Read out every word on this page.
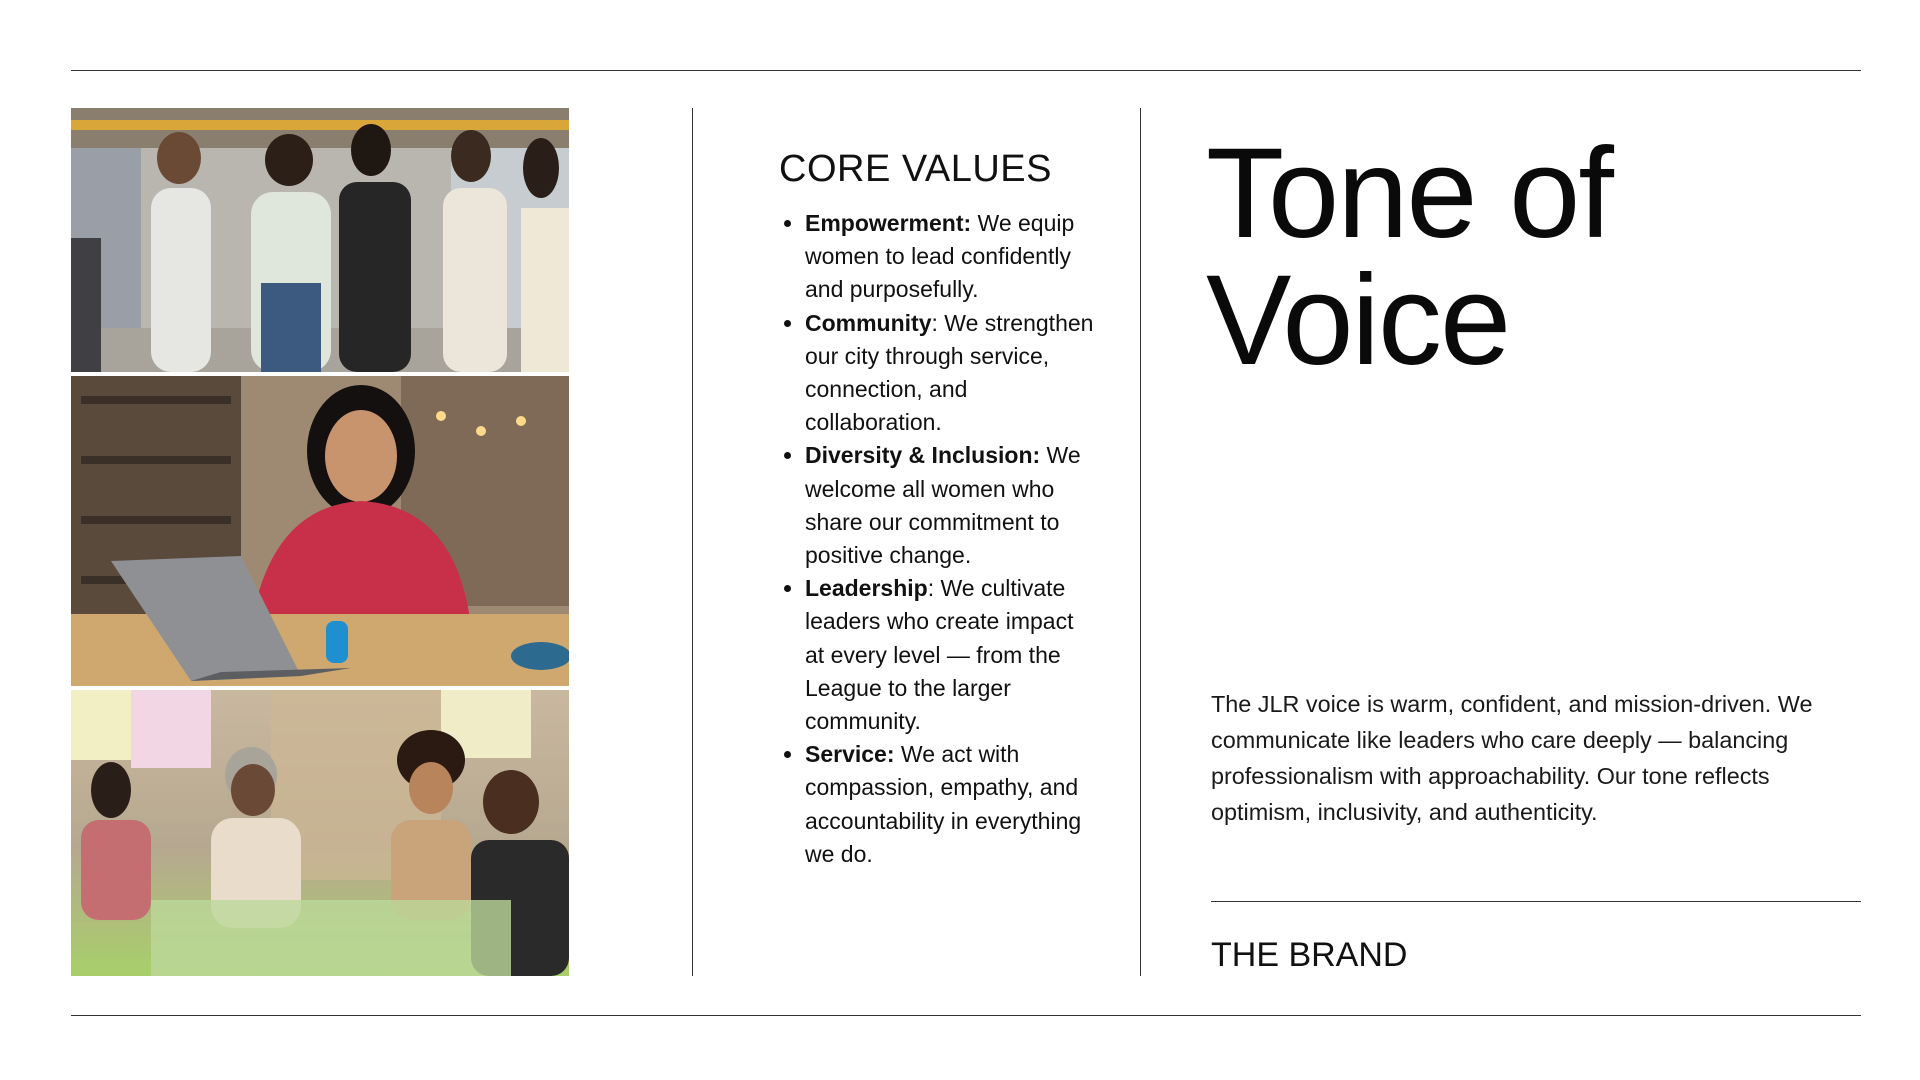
CORE VALUES
• Empowerment: We equip women to lead confidently and purposefully.
• Community: We strengthen our city through service, connection, and collaboration.
• Diversity & Inclusion: We welcome all women who share our commitment to positive change.
• Leadership: We cultivate leaders who create impact at every level — from the League to the larger community.
• Service: We act with compassion, empathy, and accountability in everything we do.
Tone of
Voice

The JLR voice is warm, confident, and mission-driven. We communicate like leaders who care deeply — balancing professionalism with approachability. Our tone reflects optimism, inclusivity, and authenticity.

THE BRAND
